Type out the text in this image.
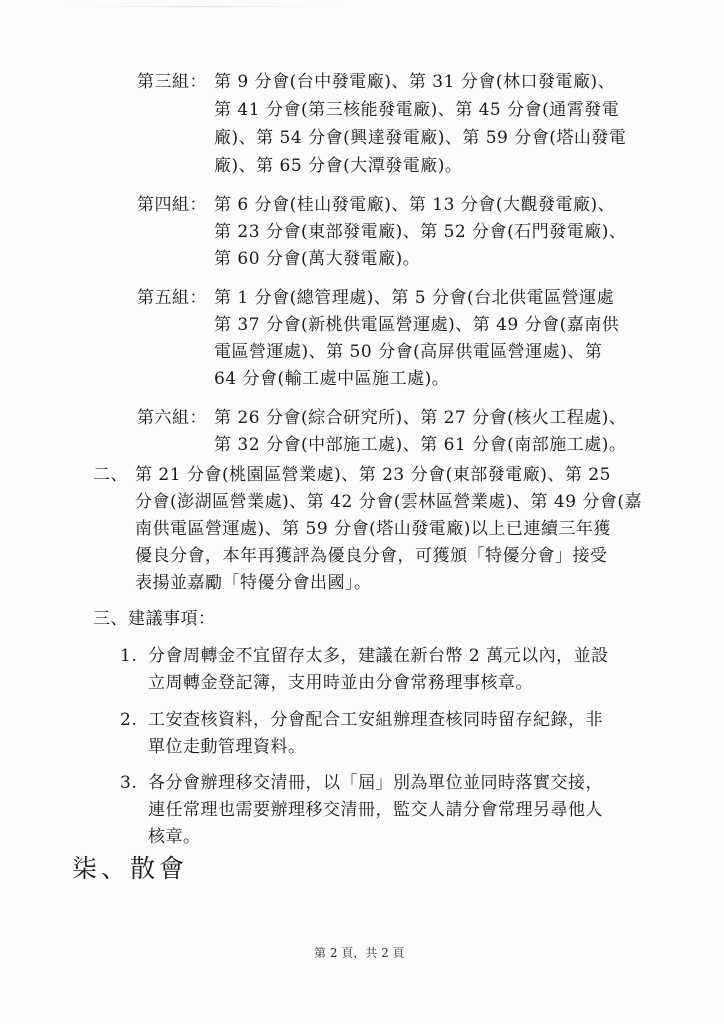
第三組： 第 9 分會(台中發電廠)、第 31 分會(林口發電廠)、
第 41 分會(第三核能發電廠)、第 45 分會(通霄發電
廠)、第 54 分會(興達發電廠)、第 59 分會(塔山發電
廠)、第 65 分會(大潭發電廠)。
第四組： 第 6 分會(桂山發電廠)、第 13 分會(大觀發電廠)、
第 23 分會(東部發電廠)、第 52 分會(石門發電廠)、
第 60 分會(萬大發電廠)。
第五組： 第 1 分會(總管理處)、第 5 分會(台北供電區營運處
第 37 分會(新桃供電區營運處)、第 49 分會(嘉南供
電區營運處)、第 50 分會(高屏供電區營運處)、第
64 分會(輸工處中區施工處)。
第六組： 第 26 分會(綜合研究所)、第 27 分會(核火工程處)、
第 32 分會(中部施工處)、第 61 分會(南部施工處)。
二、 第 21 分會(桃園區營業處)、第 23 分會(東部發電廠)、第 25
分會(澎湖區營業處)、第 42 分會(雲林區營業處)、第 49 分會(嘉
南供電區營運處)、第 59 分會(塔山發電廠)以上已連續三年獲
優良分會，本年再獲評為優良分會，可獲頒「特優分會」接受
表揚並嘉勵「特優分會出國」。
三、建議事項：
1. 分會周轉金不宜留存太多，建議在新台幣 2 萬元以內，並設
立周轉金登記簿，支用時並由分會常務理事核章。
2. 工安查核資料，分會配合工安組辦理查核同時留存紀錄，非
單位走動管理資料。
3. 各分會辦理移交清冊，以「屆」別為單位並同時落實交接，
連任常理也需要辦理移交清冊，監交人請分會常理另尋他人
核章。
柒、散會
第 2 頁，共 2 頁
